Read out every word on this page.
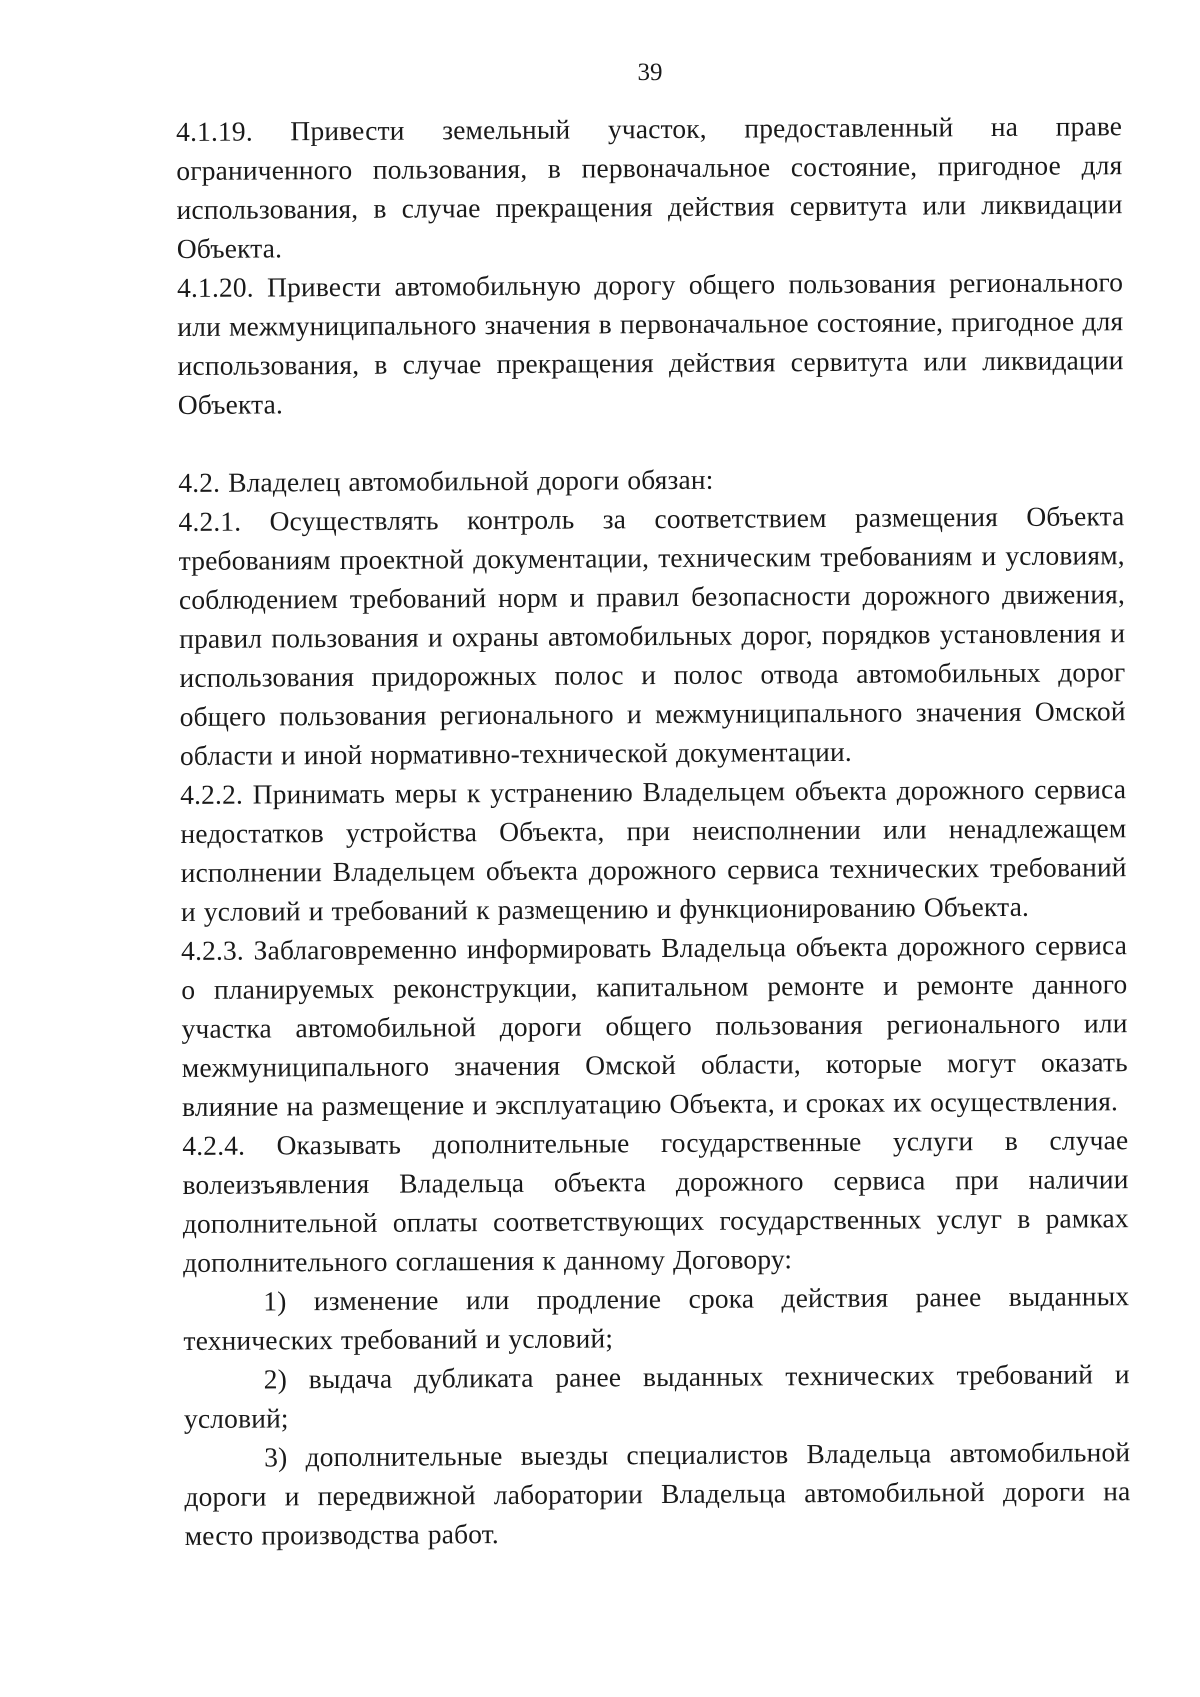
39

4.1.19. Привести земельный участок, предоставленный на праве ограниченного пользования, в первоначальное состояние, пригодное для использования, в случае прекращения действия сервитута или ликвидации Объекта.

4.1.20. Привести автомобильную дорогу общего пользования регионального или межмуниципального значения в первоначальное состояние, пригодное для использования, в случае прекращения действия сервитута или ликвидации Объекта.

4.2. Владелец автомобильной дороги обязан:

4.2.1. Осуществлять контроль за соответствием размещения Объекта требованиям проектной документации, техническим требованиям и условиям, соблюдением требований норм и правил безопасности дорожного движения, правил пользования и охраны автомобильных дорог, порядков установления и использования придорожных полос и полос отвода автомобильных дорог общего пользования регионального и межмуниципального значения Омской области и иной нормативно-технической документации.

4.2.2. Принимать меры к устранению Владельцем объекта дорожного сервиса недостатков устройства Объекта, при неисполнении или ненадлежащем исполнении Владельцем объекта дорожного сервиса технических требований и условий и требований к размещению и функционированию Объекта.

4.2.3. Заблаговременно информировать Владельца объекта дорожного сервиса о планируемых реконструкции, капитальном ремонте и ремонте данного участка автомобильной дороги общего пользования регионального или межмуниципального значения Омской области, которые могут оказать влияние на размещение и эксплуатацию Объекта, и сроках их осуществления.

4.2.4. Оказывать дополнительные государственные услуги в случае волеизъявления Владельца объекта дорожного сервиса при наличии дополнительной оплаты соответствующих государственных услуг в рамках дополнительного соглашения к данному Договору:

1) изменение или продление срока действия ранее выданных технических требований и условий;

2) выдача дубликата ранее выданных технических требований и условий;

3) дополнительные выезды специалистов Владельца автомобильной дороги и передвижной лаборатории Владельца автомобильной дороги на место производства работ.
